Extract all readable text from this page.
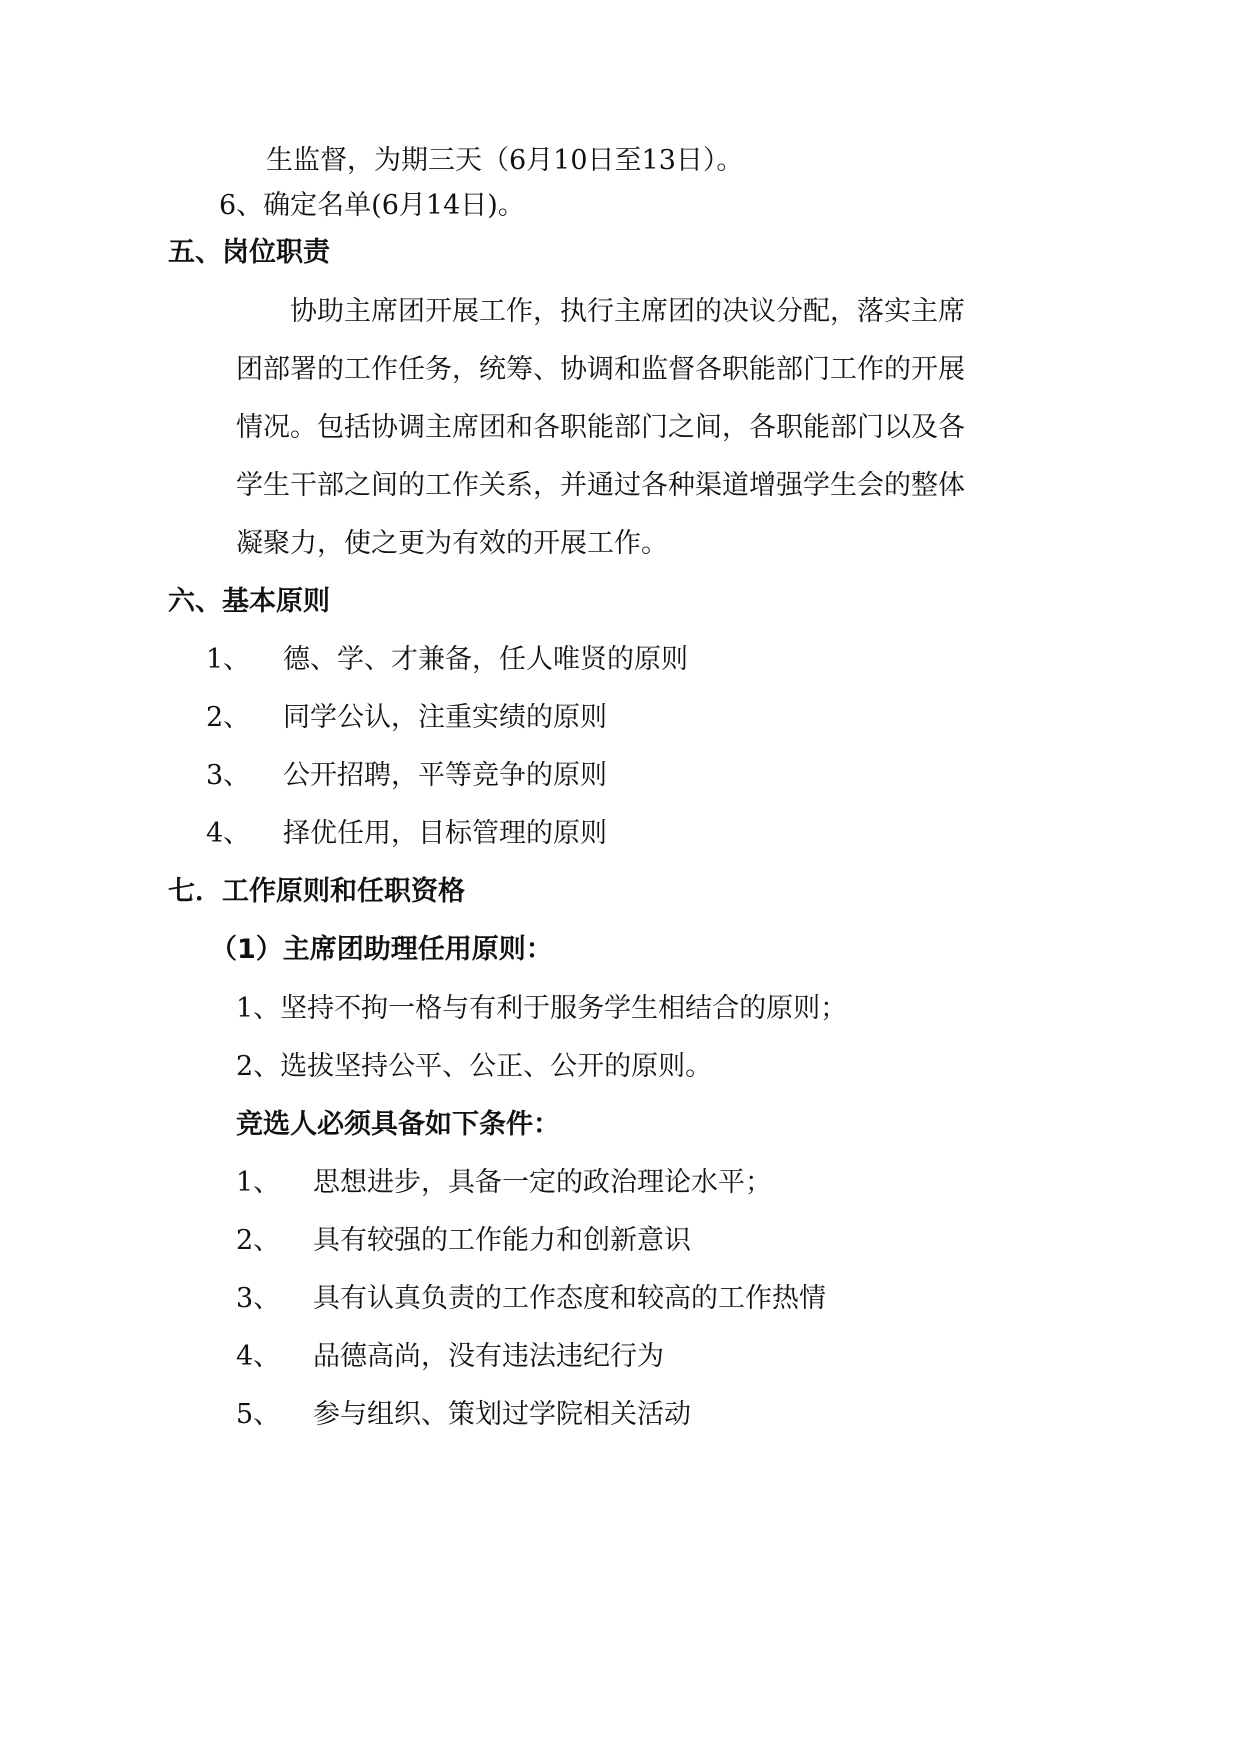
生监督，为期三天（6月10日至13日）。
6、确定名单(6月14日)。
五、岗位职责
协助主席团开展工作，执行主席团的决议分配，落实主席
团部署的工作任务，统筹、协调和监督各职能部门工作的开展
情况。包括协调主席团和各职能部门之间，各职能部门以及各
学生干部之间的工作关系，并通过各种渠道增强学生会的整体
凝聚力，使之更为有效的开展工作。
六、基本原则
1、 德、学、才兼备，任人唯贤的原则
2、 同学公认，注重实绩的原则
3、 公开招聘，平等竞争的原则
4、 择优任用，目标管理的原则
七．工作原则和任职资格
（1）主席团助理任用原则：
1、坚持不拘一格与有利于服务学生相结合的原则；
2、选拔坚持公平、公正、公开的原则。
竞选人必须具备如下条件：
1、 思想进步，具备一定的政治理论水平；
2、 具有较强的工作能力和创新意识
3、 具有认真负责的工作态度和较高的工作热情
4、 品德高尚，没有违法违纪行为
5、 参与组织、策划过学院相关活动
